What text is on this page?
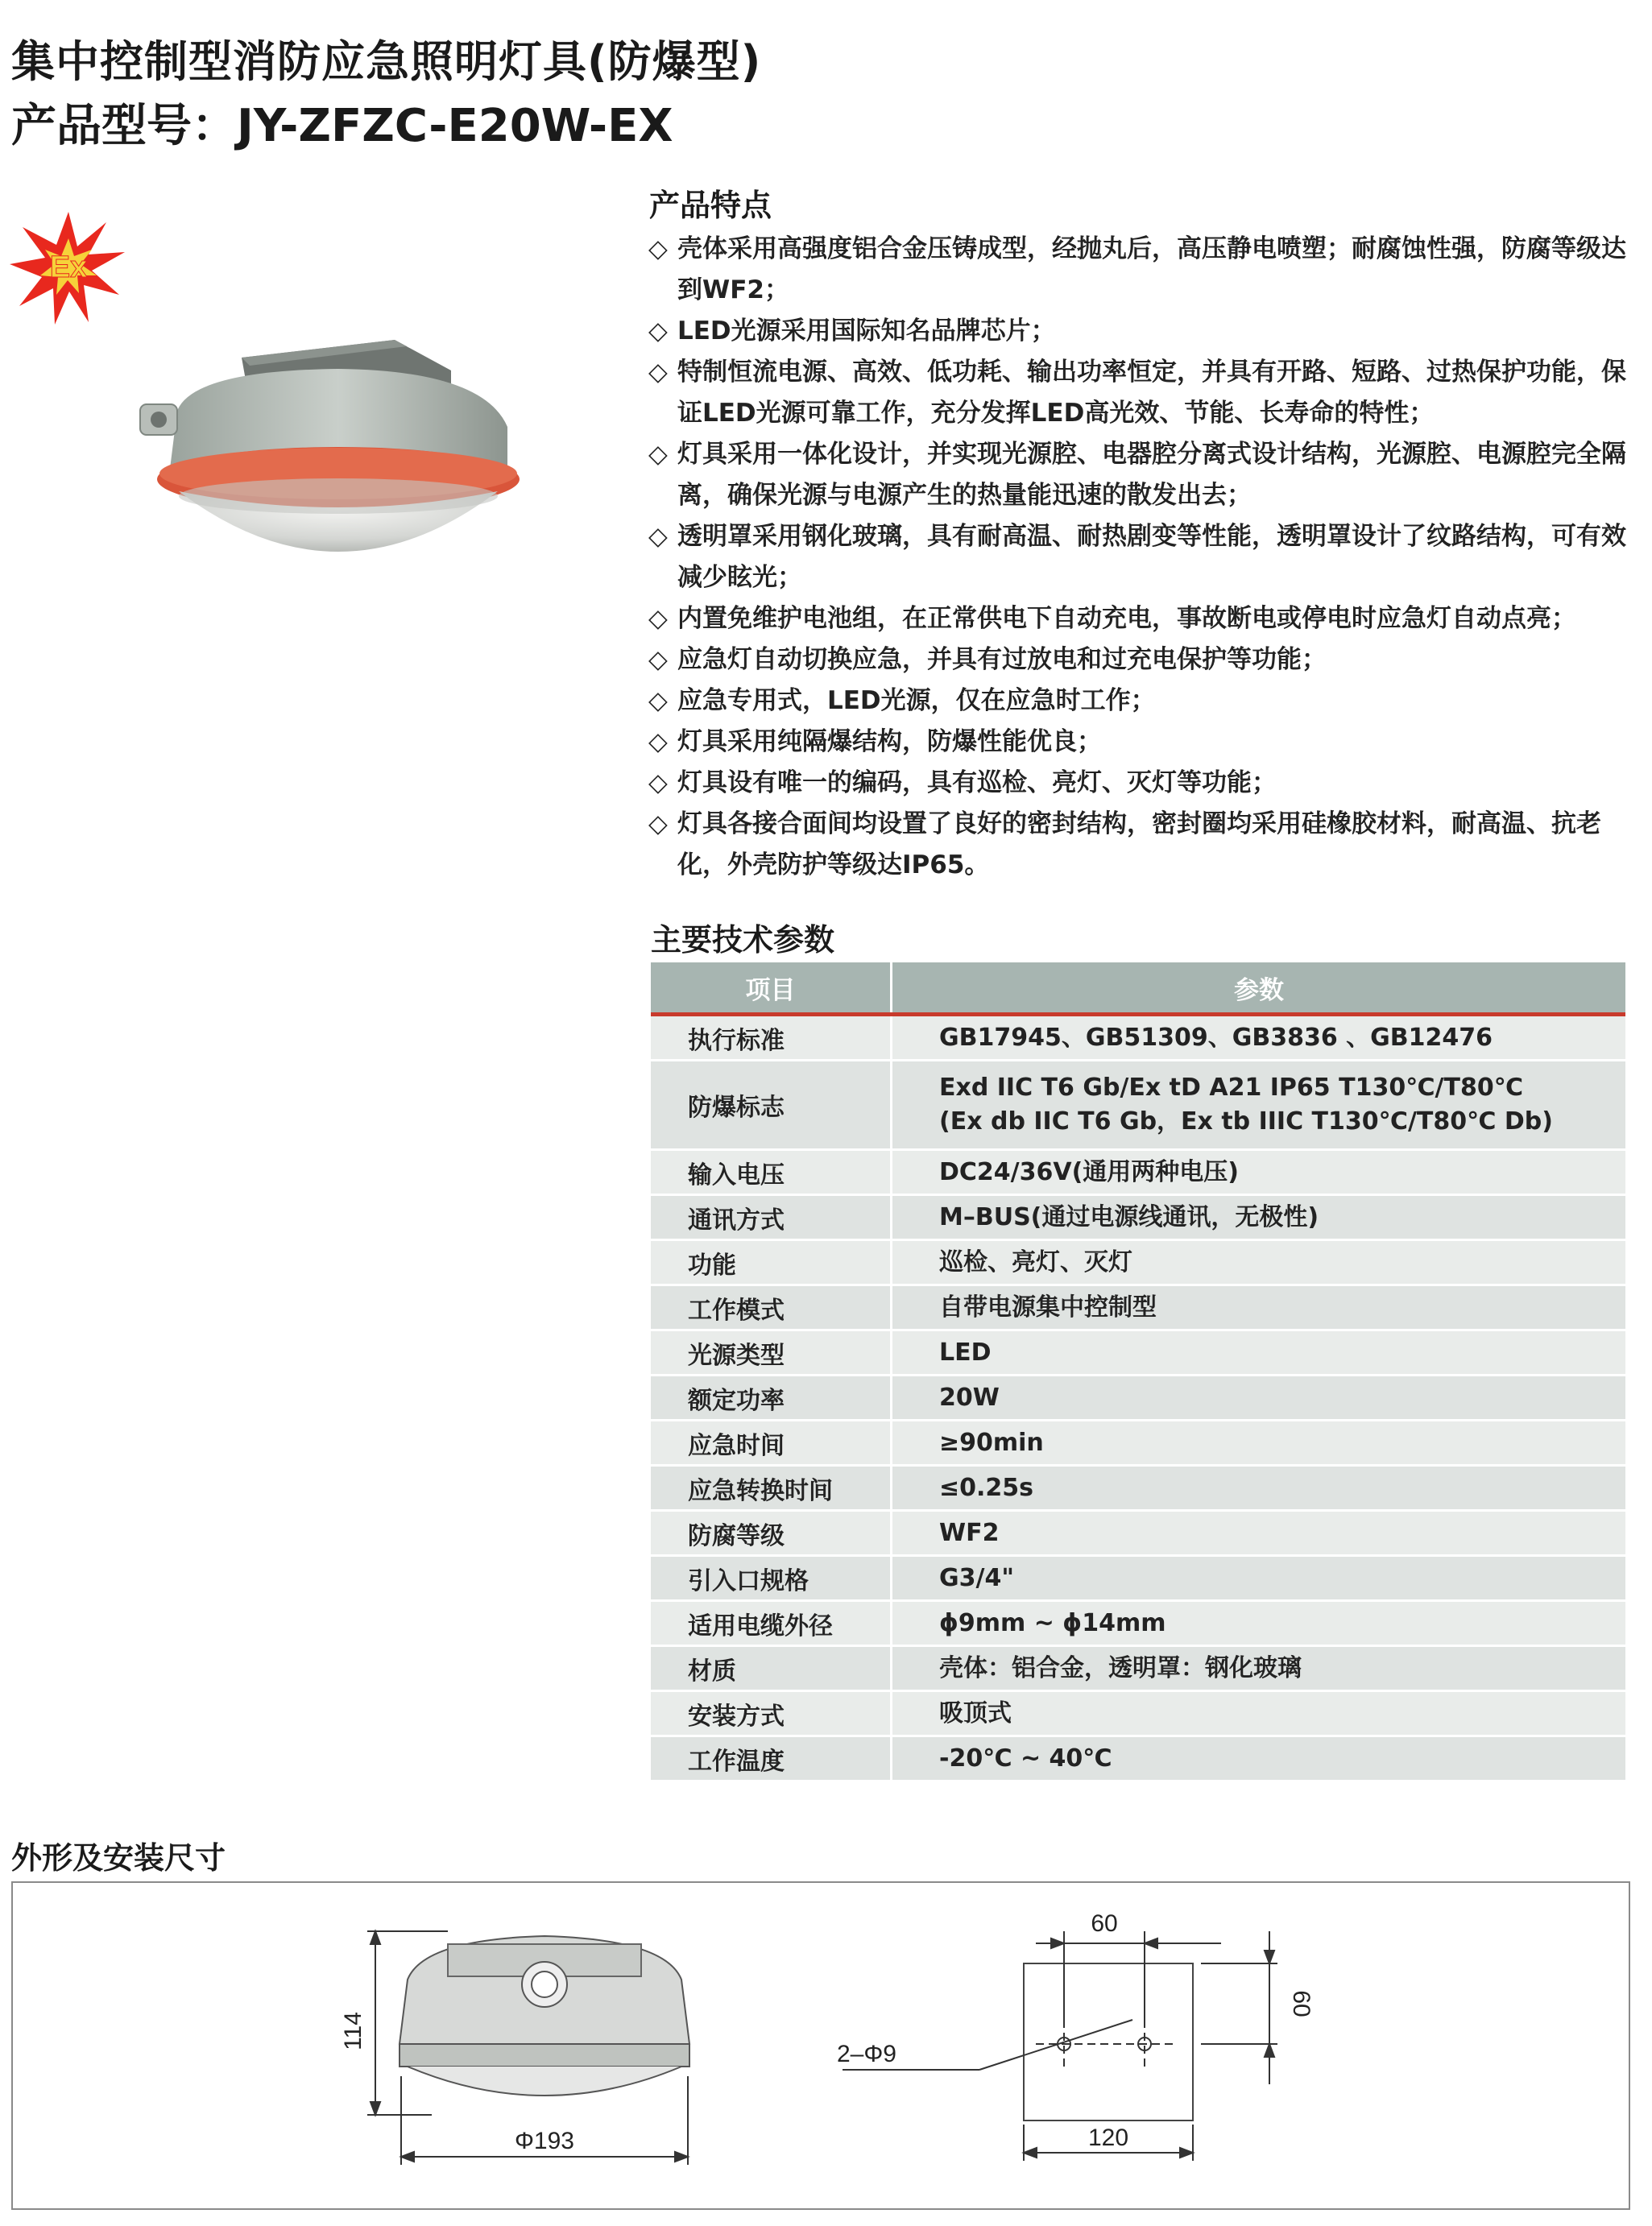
集中控制型消防应急照明灯具(防爆型)
产品型号：JY-ZFZC-E20W-EX
Ex
产品特点
◇ 壳体采用高强度铝合金压铸成型，经抛丸后，高压静电喷塑；耐腐蚀性强，防腐等级达到WF2；
◇ LED光源采用国际知名品牌芯片；
◇ 特制恒流电源、高效、低功耗、输出功率恒定，并具有开路、短路、过热保护功能，保证LED光源可靠工作，充分发挥LED高光效、节能、长寿命的特性；
◇ 灯具采用一体化设计，并实现光源腔、电器腔分离式设计结构，光源腔、电源腔完全隔离，确保光源与电源产生的热量能迅速的散发出去；
◇ 透明罩采用钢化玻璃，具有耐高温、耐热剧变等性能，透明罩设计了纹路结构，可有效减少眩光；
◇ 内置免维护电池组，在正常供电下自动充电，事故断电或停电时应急灯自动点亮；
◇ 应急灯自动切换应急，并具有过放电和过充电保护等功能；
◇ 应急专用式，LED光源，仅在应急时工作；
◇ 灯具采用纯隔爆结构，防爆性能优良；
◇ 灯具设有唯一的编码，具有巡检、亮灯、灭灯等功能；
◇ 灯具各接合面间均设置了良好的密封结构，密封圈均采用硅橡胶材料，耐高温、抗老化，外壳防护等级达IP65。
主要技术参数
项目	参数
执行标准	GB17945、GB51309、GB3836 、GB12476
防爆标志	Exd IIC T6 Gb/Ex tD A21 IP65 T130℃/T80℃
(Ex db IIC T6 Gb，Ex tb IIIC T130℃/T80℃ Db)

输入电压	DC24/36V(通用两种电压)
通讯方式	M–BUS(通过电源线通讯，无极性)
功能	巡检、亮灯、灭灯
工作模式	自带电源集中控制型
光源类型	LED
额定功率	20W
应急时间	≥90min
应急转换时间	≤0.25s
防腐等级	WF2
引入口规格	G3/4"
适用电缆外径	ϕ9mm ~ ϕ14mm
材质	壳体：铝合金，透明罩：钢化玻璃
安装方式	吸顶式
工作温度	-20℃ ~ 40℃
外形及安装尺寸
114
Φ193
60
60
120
2–Φ9
